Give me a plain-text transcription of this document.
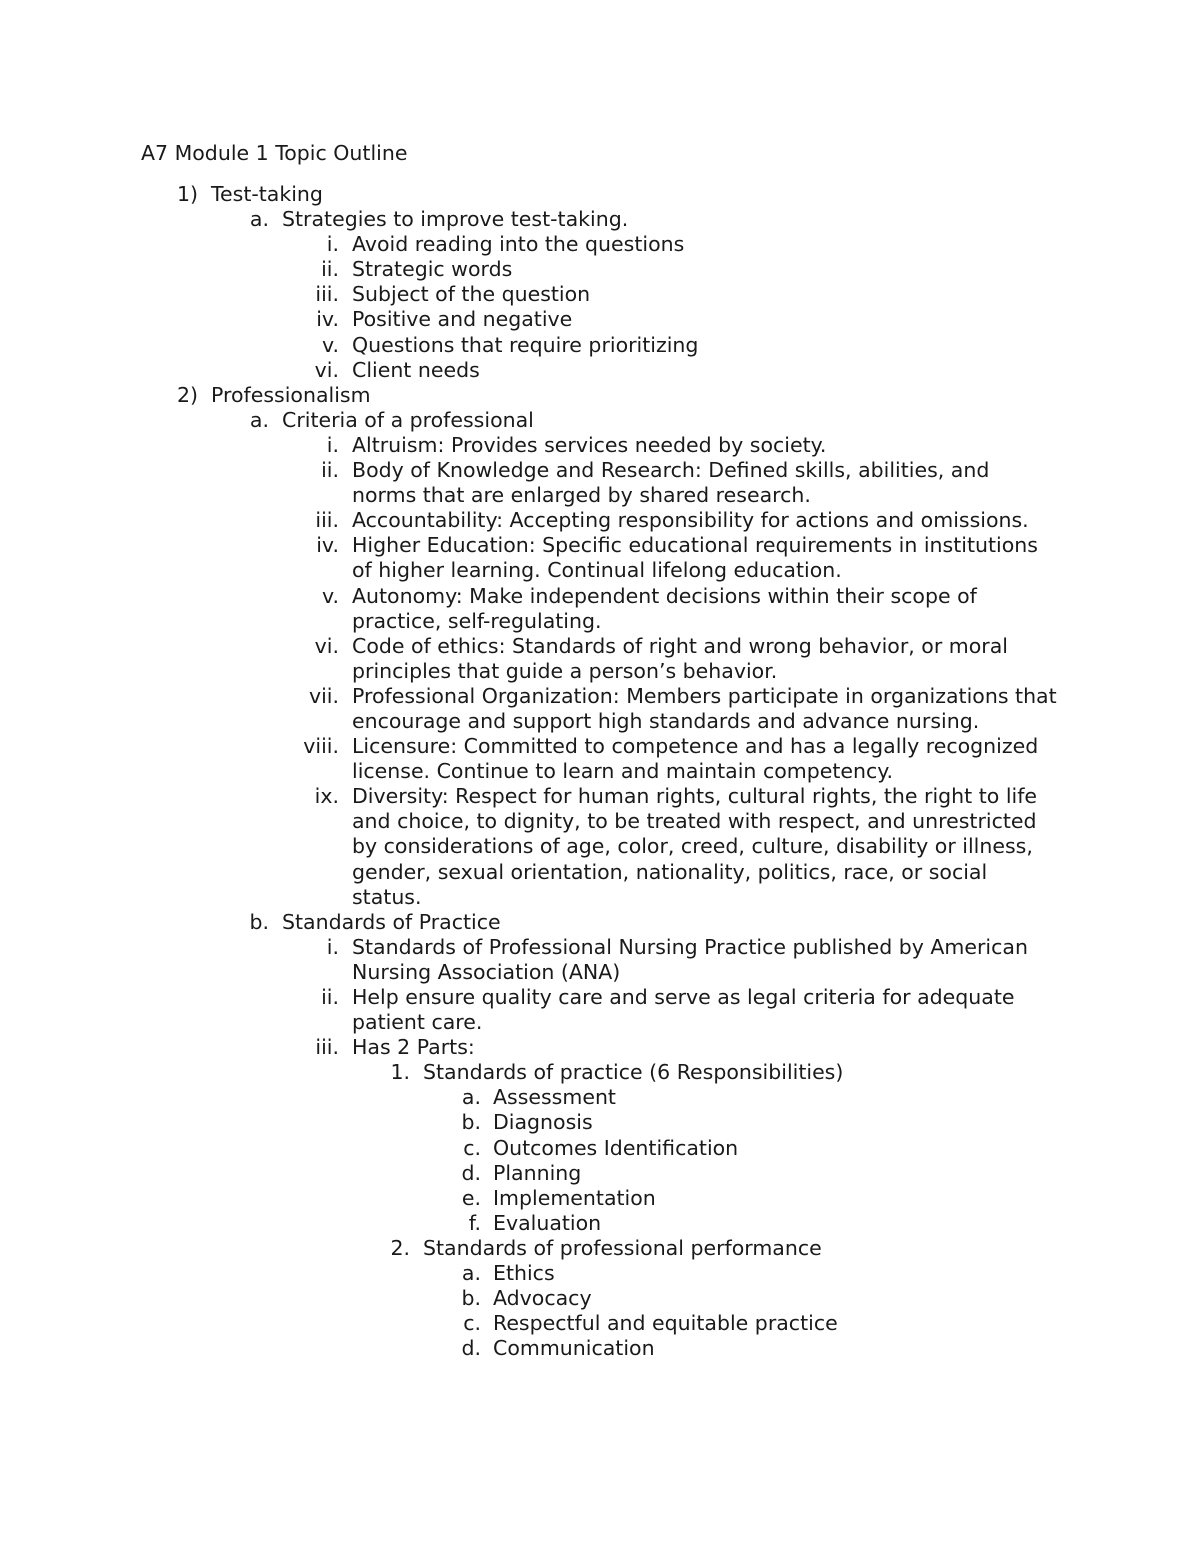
A7 Module 1 Topic Outline
1) Test-taking
a. Strategies to improve test-taking.
i. Avoid reading into the questions
ii. Strategic words
iii. Subject of the question
iv. Positive and negative
v. Questions that require prioritizing
vi. Client needs
2) Professionalism
a. Criteria of a professional
i. Altruism: Provides services needed by society.
ii. Body of Knowledge and Research: Defined skills, abilities, and norms that are enlarged by shared research.
iii. Accountability: Accepting responsibility for actions and omissions.
iv. Higher Education: Specific educational requirements in institutions of higher learning. Continual lifelong education.
v. Autonomy: Make independent decisions within their scope of practice, self-regulating.
vi. Code of ethics: Standards of right and wrong behavior, or moral principles that guide a person’s behavior.
vii. Professional Organization: Members participate in organizations that encourage and support high standards and advance nursing.
viii. Licensure: Committed to competence and has a legally recognized license. Continue to learn and maintain competency.
ix. Diversity: Respect for human rights, cultural rights, the right to life and choice, to dignity, to be treated with respect, and unrestricted by considerations of age, color, creed, culture, disability or illness, gender, sexual orientation, nationality, politics, race, or social status.
b. Standards of Practice
i. Standards of Professional Nursing Practice published by American Nursing Association (ANA)
ii. Help ensure quality care and serve as legal criteria for adequate patient care.
iii. Has 2 Parts:
1. Standards of practice (6 Responsibilities)
a. Assessment
b. Diagnosis
c. Outcomes Identification
d. Planning
e. Implementation
f. Evaluation
2. Standards of professional performance
a. Ethics
b. Advocacy
c. Respectful and equitable practice
d. Communication
